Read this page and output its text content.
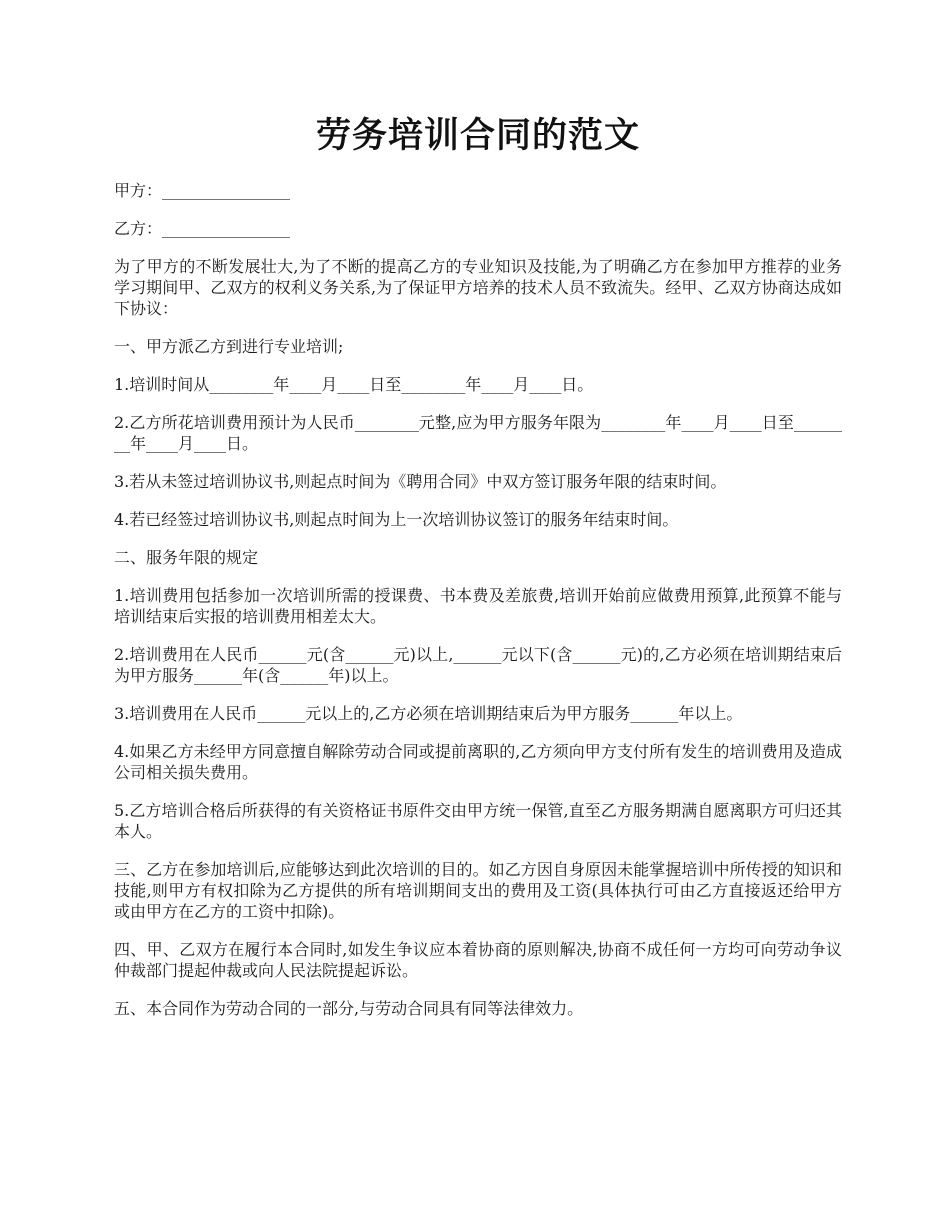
劳务培训合同的范文

甲方：________________

乙方：________________

为了甲方的不断发展壮大,为了不断的提高乙方的专业知识及技能,为了明确乙方在参加甲方推荐的业务学习期间甲、乙双方的权利义务关系,为了保证甲方培养的技术人员不致流失。经甲、乙双方协商达成如下协议：

一、甲方派乙方到进行专业培训;

1.培训时间从________年____月____日至________年____月____日。

2.乙方所花培训费用预计为人民币________元整,应为甲方服务年限为________年____月____日至________年____月____日。

3.若从未签过培训协议书,则起点时间为《聘用合同》中双方签订服务年限的结束时间。

4.若已经签过培训协议书,则起点时间为上一次培训协议签订的服务年结束时间。

二、服务年限的规定

1.培训费用包括参加一次培训所需的授课费、书本费及差旅费,培训开始前应做费用预算,此预算不能与培训结束后实报的培训费用相差太大。

2.培训费用在人民币______元(含______元)以上,______元以下(含______元)的,乙方必须在培训期结束后为甲方服务______年(含______年)以上。

3.培训费用在人民币______元以上的,乙方必须在培训期结束后为甲方服务______年以上。

4.如果乙方未经甲方同意擅自解除劳动合同或提前离职的,乙方须向甲方支付所有发生的培训费用及造成公司相关损失费用。

5.乙方培训合格后所获得的有关资格证书原件交由甲方统一保管,直至乙方服务期满自愿离职方可归还其本人。

三、乙方在参加培训后,应能够达到此次培训的目的。如乙方因自身原因未能掌握培训中所传授的知识和技能,则甲方有权扣除为乙方提供的所有培训期间支出的费用及工资(具体执行可由乙方直接返还给甲方或由甲方在乙方的工资中扣除)。

四、甲、乙双方在履行本合同时,如发生争议应本着协商的原则解决,协商不成任何一方均可向劳动争议仲裁部门提起仲裁或向人民法院提起诉讼。

五、本合同作为劳动合同的一部分,与劳动合同具有同等法律效力。
